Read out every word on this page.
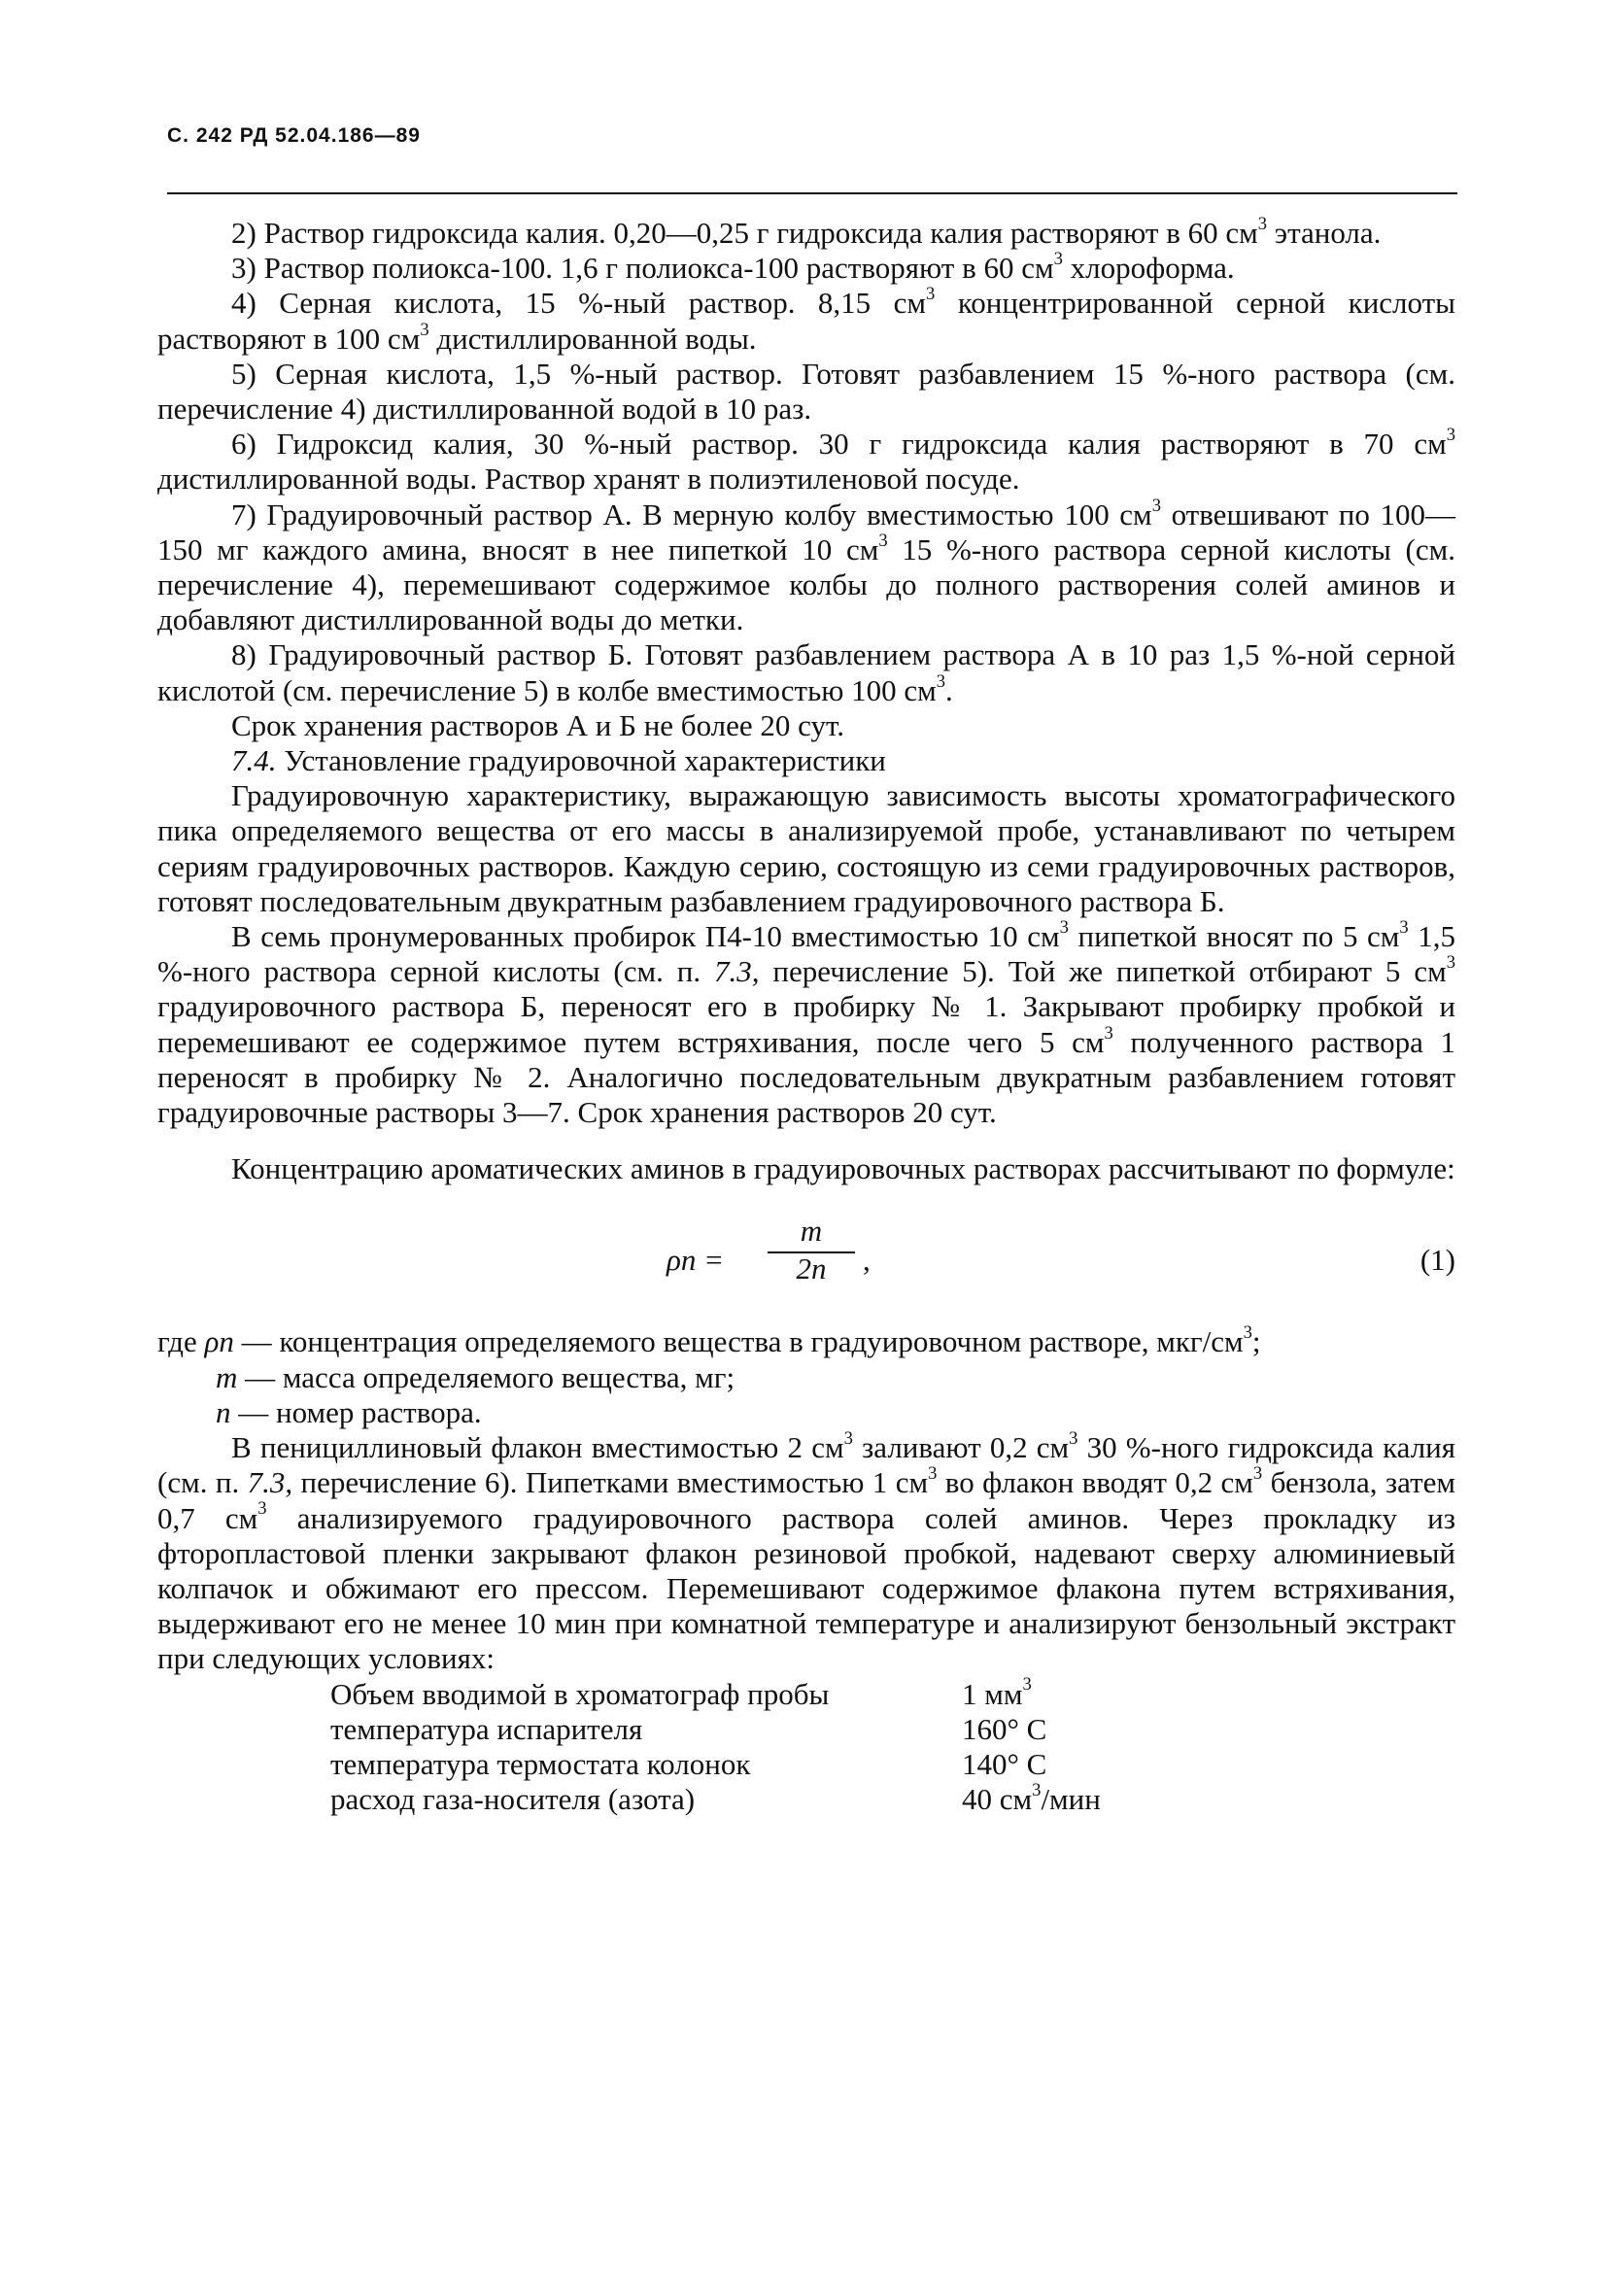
С. 242 РД 52.04.186—89

2) Раствор гидроксида калия. 0,20—0,25 г гидроксида калия растворяют в 60 $см^3$ этанола.

3) Раствор полиокса-100. 1,6 г полиокса-100 растворяют в 60 $см^3$ хлороформа.

4) Серная кислота, 15 %-ный раствор. 8,15 $см^3$ концентрированной серной кислоты растворяют в 100 $см^3$ дистиллированной воды.

5) Серная кислота, 1,5 %-ный раствор. Готовят разбавлением 15 %-ного раствора (см. перечисление 4) дистиллированной водой в 10 раз.

6) Гидроксид калия, 30 %-ный раствор. 30 г гидроксида калия растворяют в 70 $см^3$ дистиллированной воды. Раствор хранят в полиэтиленовой посуде.

7) Градуировочный раствор А. В мерную колбу вместимостью 100 $см^3$ отвешивают по 100—150 мг каждого амина, вносят в нее пипеткой 10 $см^3$ 15 %-ного раствора серной кислоты (см. перечисление 4), перемешивают содержимое колбы до полного растворения солей аминов и добавляют дистиллированной воды до метки.

8) Градуировочный раствор Б. Готовят разбавлением раствора А в 10 раз 1,5 %-ной серной кислотой (см. перечисление 5) в колбе вместимостью 100 $см^3$.

Срок хранения растворов А и Б не более 20 сут.

7.4. Установление градуировочной характеристики

Градуировочную характеристику, выражающую зависимость высоты хроматографического пика определяемого вещества от его массы в анализируемой пробе, устанавливают по четырем сериям градуировочных растворов. Каждую серию, состоящую из семи градуировочных растворов, готовят последовательным двукратным разбавлением градуировочного раствора Б.

В семь пронумерованных пробирок П4-10 вместимостью 10 $см^3$ пипеткой вносят по 5 $см^3$ 1,5 %-ного раствора серной кислоты (см. п. 7.3, перечисление 5). Той же пипеткой отбирают 5 $см^3$ градуировочного раствора Б, переносят его в пробирку № 1. Закрывают пробирку пробкой и перемешивают ее содержимое путем встряхивания, после чего 5 $см^3$ полученного раствора 1 переносят в пробирку № 2. Аналогично последовательным двукратным разбавлением готовят градуировочные растворы 3—7. Срок хранения растворов 20 сут.

Концентрацию ароматических аминов в градуировочных растворах рассчитывают по формуле:

ρn =
m
2n	,	(1)

где ρn — концентрация определяемого вещества в градуировочном растворе, мкг/$см^3$;

m — масса определяемого вещества, мг;

n — номер раствора.

В пенициллиновый флакон вместимостью 2 $см^3$ заливают 0,2 $см^3$ 30 %-ного гидроксида калия (см. п. 7.3, перечисление 6). Пипетками вместимостью 1 $см^3$ во флакон вводят 0,2 $см^3$ бензола, затем 0,7 $см^3$ анализируемого градуировочного раствора солей аминов. Через прокладку из фторопластовой пленки закрывают флакон резиновой пробкой, надевают сверху алюминиевый колпачок и обжимают его прессом. Перемешивают содержимое флакона путем встряхивания, выдерживают его не менее 10 мин при комнатной температуре и анализируют бензольный экстракт при следующих условиях:

Объем вводимой в хроматограф пробы	1 $мм^3$
температура испарителя	160° С
температура термостата колонок	140° С
расход газа-носителя (азота)	40 $см^3$/мин
